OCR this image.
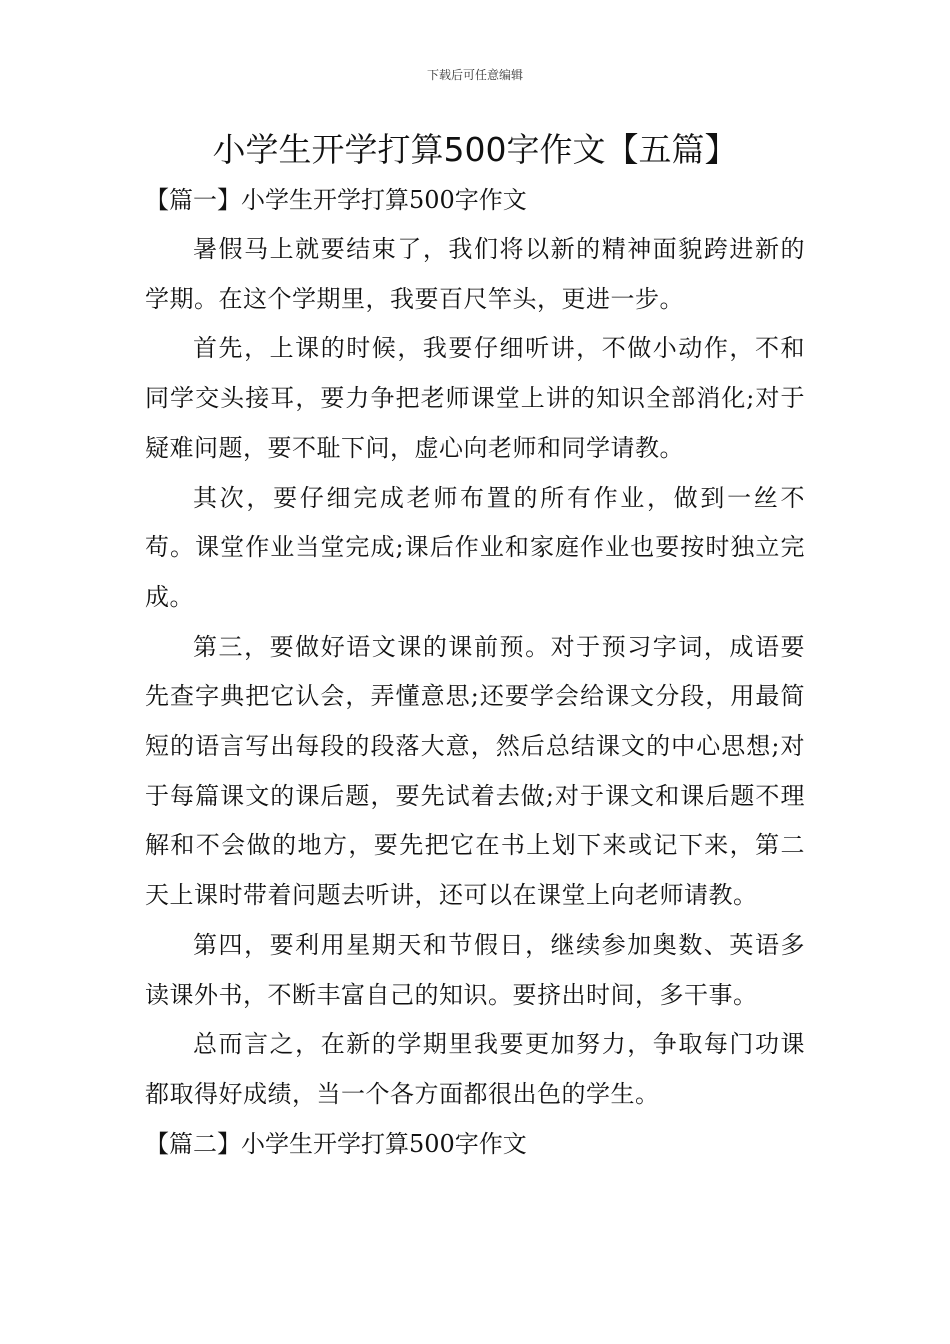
下载后可任意编辑
小学生开学打算500字作文【五篇】
【篇一】小学生开学打算500字作文

暑假马上就要结束了，我们将以新的精神面貌跨进新的学期。在这个学期里，我要百尺竿头，更进一步。

首先，上课的时候，我要仔细听讲，不做小动作，不和同学交头接耳，要力争把老师课堂上讲的知识全部消化;对于疑难问题，要不耻下问，虚心向老师和同学请教。

其次，要仔细完成老师布置的所有作业，做到一丝不苟。课堂作业当堂完成;课后作业和家庭作业也要按时独立完成。

第三，要做好语文课的课前预。对于预习字词，成语要先查字典把它认会，弄懂意思;还要学会给课文分段，用最简短的语言写出每段的段落大意，然后总结课文的中心思想;对于每篇课文的课后题，要先试着去做;对于课文和课后题不理解和不会做的地方，要先把它在书上划下来或记下来，第二天上课时带着问题去听讲，还可以在课堂上向老师请教。

第四，要利用星期天和节假日，继续参加奥数、英语多读课外书，不断丰富自己的知识。要挤出时间，多干事。

总而言之，在新的学期里我要更加努力，争取每门功课都取得好成绩，当一个各方面都很出色的学生。

【篇二】小学生开学打算500字作文
